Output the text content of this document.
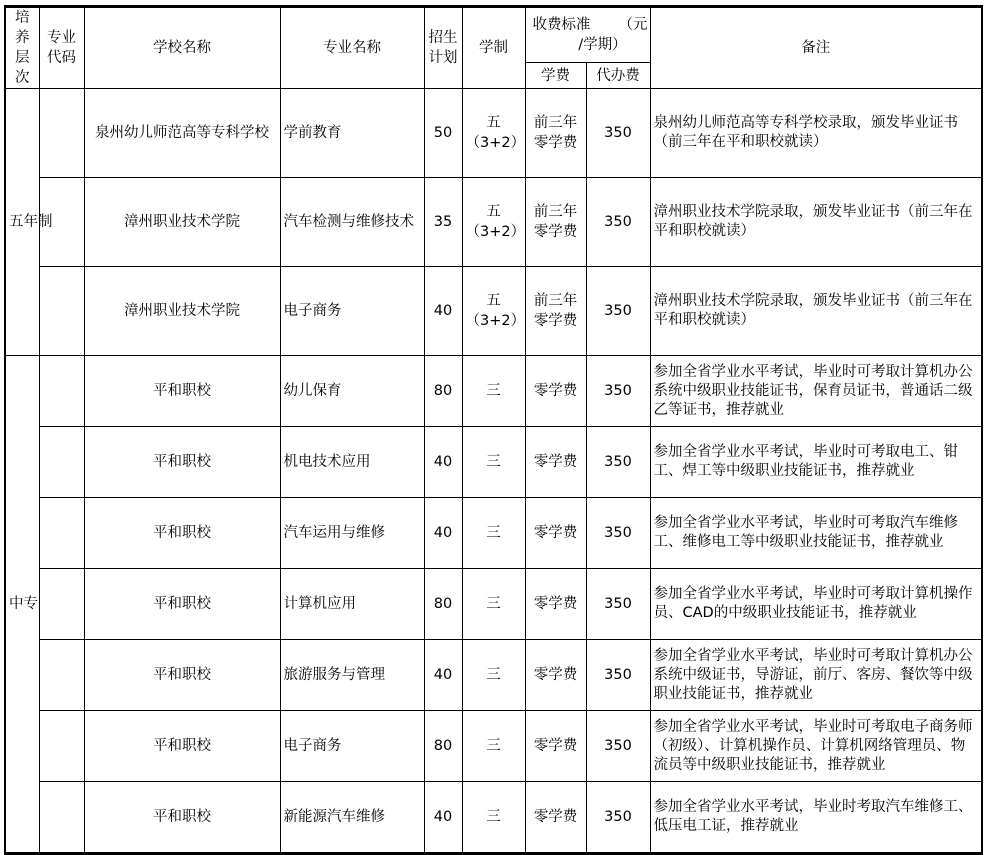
培养层次	专业代码	学校名称	专业名称	招生计划	学制	收费标准 （元
/学期）		备注
						学费	代办费	
五年制		泉州幼儿师范高等专科学校	学前教育	50	五（3+2）	前三年零学费	350	泉州幼儿师范高等专科学校录取，颁发毕业证书（前三年在平和职校就读）
		漳州职业技术学院	汽车检测与维修技术	35	五（3+2）	前三年零学费	350	漳州职业技术学院录取，颁发毕业证书（前三年在平和职校就读）
		漳州职业技术学院	电子商务	40	五（3+2）	前三年零学费	350	漳州职业技术学院录取，颁发毕业证书（前三年在平和职校就读）
中专		平和职校	幼儿保育	80	三	零学费	350	参加全省学业水平考试，毕业时可考取计算机办公系统中级职业技能证书，保育员证书，普通话二级乙等证书，推荐就业
		平和职校	机电技术应用	40	三	零学费	350	参加全省学业水平考试，毕业时可考取电工、钳工、焊工等中级职业技能证书，推荐就业
		平和职校	汽车运用与维修	40	三	零学费	350	参加全省学业水平考试，毕业时可考取汽车维修工、维修电工等中级职业技能证书，推荐就业
		平和职校	计算机应用	80	三	零学费	350	参加全省学业水平考试，毕业时可考取计算机操作员、CAD的中级职业技能证书，推荐就业
		平和职校	旅游服务与管理	40	三	零学费	350	参加全省学业水平考试，毕业时可考取计算机办公系统中级证书，导游证，前厅、客房、餐饮等中级职业技能证书，推荐就业
		平和职校	电子商务	80	三	零学费	350	参加全省学业水平考试，毕业时可考取电子商务师（初级）、计算机操作员、计算机网络管理员、物流员等中级职业技能证书，推荐就业
		平和职校	新能源汽车维修	40	三	零学费	350	参加全省学业水平考试，毕业时考取汽车维修工、低压电工证，推荐就业
